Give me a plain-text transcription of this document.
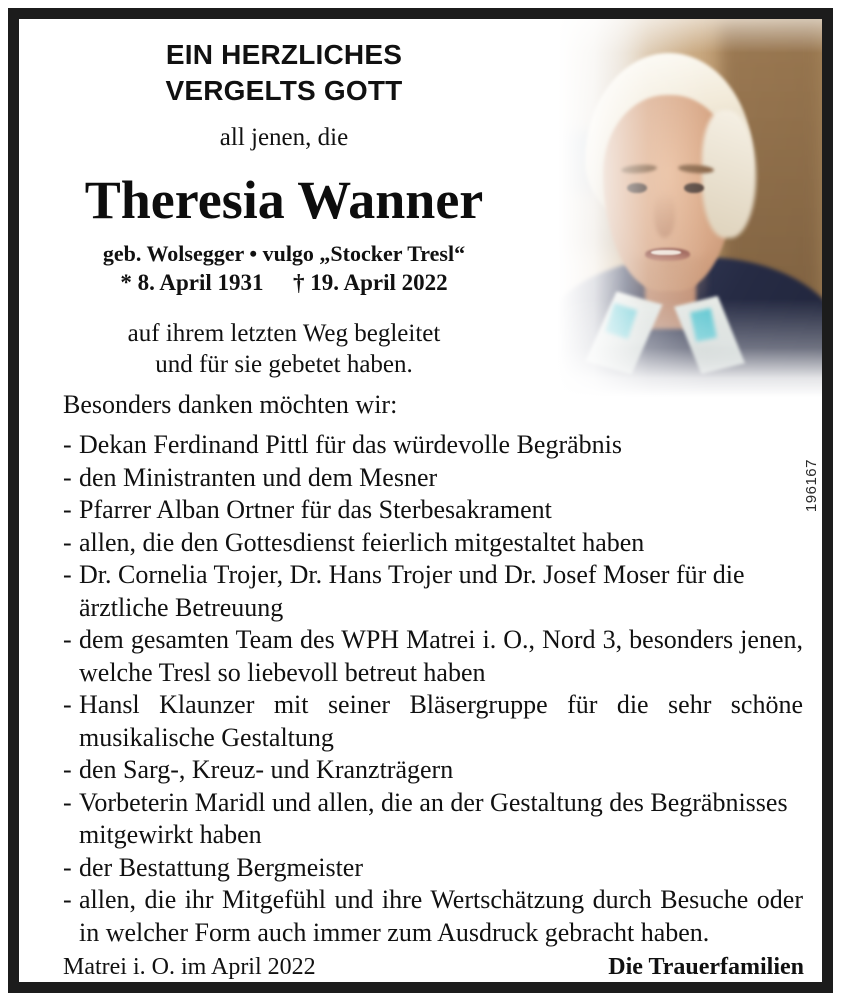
EIN HERZLICHES
VERGELTS GOTT
all jenen, die
Theresia Wanner
geb. Wolsegger • vulgo „Stocker Tresl“
* 8. April 1931 † 19. April 2022
auf ihrem letzten Weg begleitet
und für sie gebetet haben.
Besonders danken möchten wir:
- Dekan Ferdinand Pittl für das würdevolle Begräbnis
- den Ministranten und dem Mesner
- Pfarrer Alban Ortner für das Sterbesakrament
- allen, die den Gottesdienst feierlich mitgestaltet haben
- Dr. Cornelia Trojer, Dr. Hans Trojer und Dr. Josef Moser für die ärztliche Betreuung
- dem gesamten Team des WPH Matrei i. O., Nord 3, besonders jenen, welche Tresl so liebevoll betreut haben
- Hansl Klaunzer mit seiner Bläsergruppe für die sehr schöne musikalische Gestaltung
- den Sarg-, Kreuz- und Kranzträgern
- Vorbeterin Maridl und allen, die an der Gestaltung des Begräbnisses mitgewirkt haben
- der Bestattung Bergmeister
- allen, die ihr Mitgefühl und ihre Wertschätzung durch Besuche oder in welcher Form auch immer zum Ausdruck gebracht haben.
Matrei i. O. im April 2022	Die Trauerfamilien
196167
